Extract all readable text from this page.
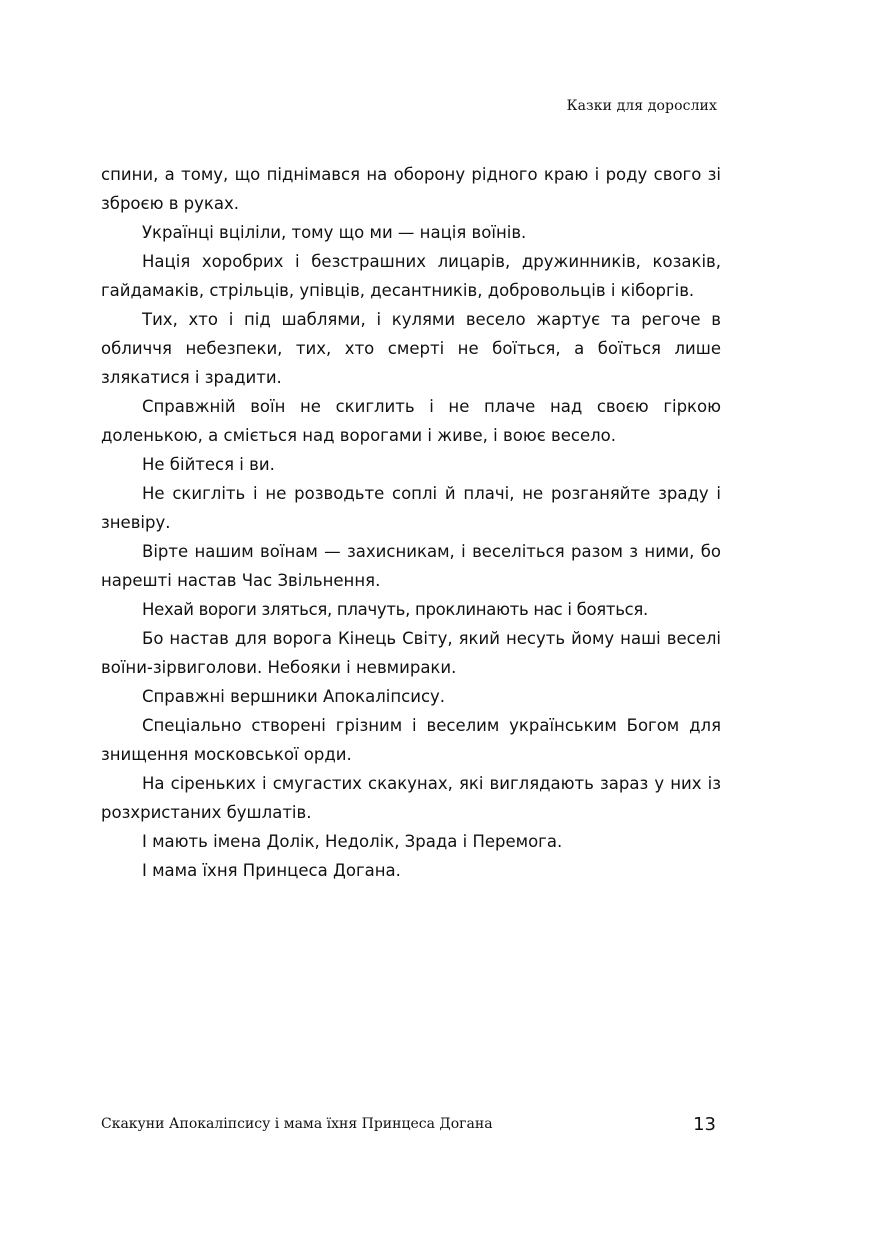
Казки для дорослих

спини, а тому, що піднімався на оборону рідного краю і роду свого зі зброєю в руках.

Українці вціліли, тому що ми — нація воїнів.

Нація хоробрих і безстрашних лицарів, дружинників, козаків, гайдамаків, стрільців, упівців, десантників, добровольців і кіборгів.

Тих, хто і під шаблями, і кулями весело жартує та регоче в обличчя небезпеки, тих, хто смерті не боїться, а боїться лише злякатися і зрадити.

Справжній воїн не скиглить і не плаче над своєю гіркою доленькою, а сміється над ворогами і живе, і воює весело.

Не бійтеся і ви.

Не скигліть і не розводьте соплі й плачі, не розганяйте зраду і зневіру.

Вірте нашим воїнам — захисникам, і веселіться разом з ними, бо нарешті настав Час Звільнення.

Нехай вороги зляться, плачуть, проклинають нас і бояться.

Бо настав для ворога Кінець Світу, який несуть йому наші веселі воїни-зірвиголови. Небояки і невмираки.

Справжні вершники Апокаліпсису.

Спеціально створені грізним і веселим українським Богом для знищення московської орди.

На сіреньких і смугастих скакунах, які виглядають зараз у них із розхристаних бушлатів.

І мають імена Долік, Недолік, Зрада і Перемога.

І мама їхня Принцеса Догана.

Скакуни Апокаліпсису і мама їхня Принцеса Догана	13
